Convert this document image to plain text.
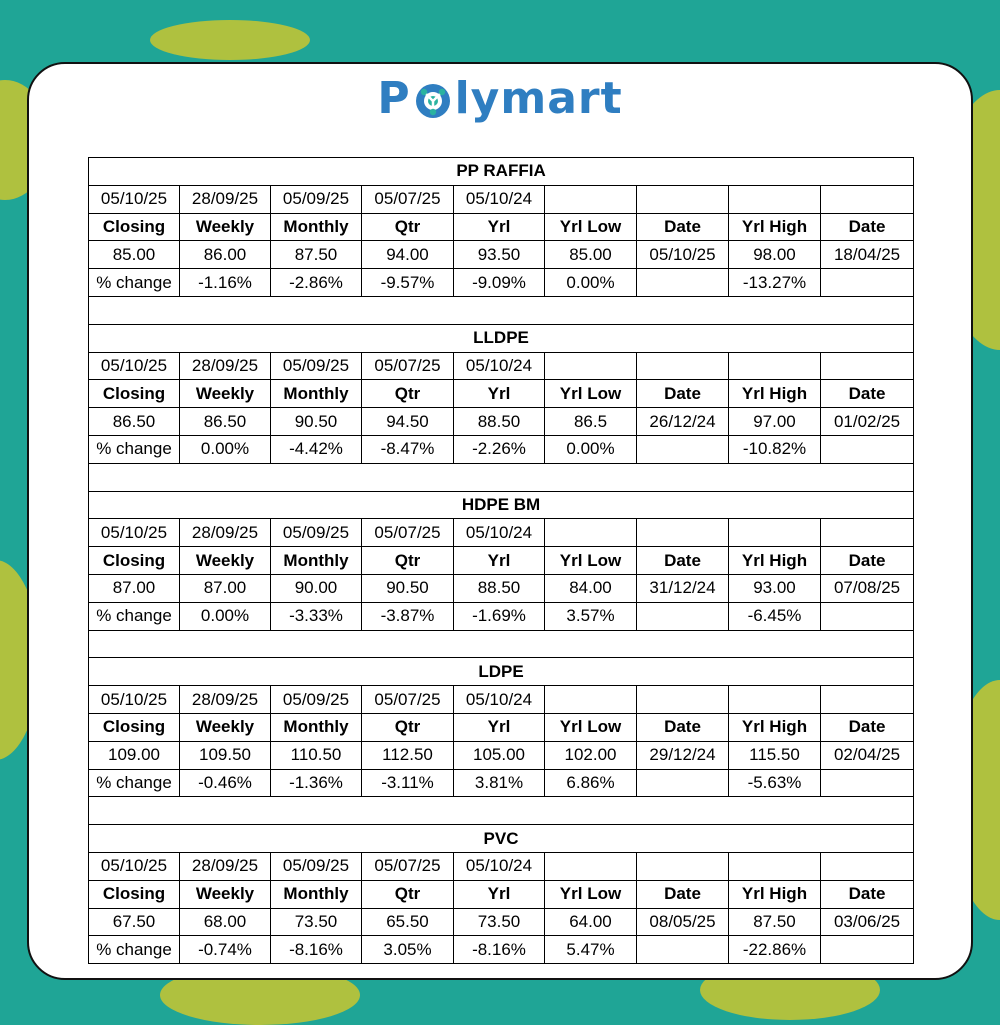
P lymart
PP RAFFIA								
05/10/25	28/09/25	05/09/25	05/07/25	05/10/24				
Closing	Weekly	Monthly	Qtr	Yrl	Yrl Low	Date	Yrl High	Date
85.00	86.00	87.50	94.00	93.50	85.00	05/10/25	98.00	18/04/25
% change	-1.16%	-2.86%	-9.57%	-9.09%	0.00%		-13.27%	

LLDPE								
05/10/25	28/09/25	05/09/25	05/07/25	05/10/24				
Closing	Weekly	Monthly	Qtr	Yrl	Yrl Low	Date	Yrl High	Date
86.50	86.50	90.50	94.50	88.50	86.5	26/12/24	97.00	01/02/25
% change	0.00%	-4.42%	-8.47%	-2.26%	0.00%		-10.82%	

HDPE BM								
05/10/25	28/09/25	05/09/25	05/07/25	05/10/24				
Closing	Weekly	Monthly	Qtr	Yrl	Yrl Low	Date	Yrl High	Date
87.00	87.00	90.00	90.50	88.50	84.00	31/12/24	93.00	07/08/25
% change	0.00%	-3.33%	-3.87%	-1.69%	3.57%		-6.45%	

LDPE								
05/10/25	28/09/25	05/09/25	05/07/25	05/10/24				
Closing	Weekly	Monthly	Qtr	Yrl	Yrl Low	Date	Yrl High	Date
109.00	109.50	110.50	112.50	105.00	102.00	29/12/24	115.50	02/04/25
% change	-0.46%	-1.36%	-3.11%	3.81%	6.86%		-5.63%	

PVC								
05/10/25	28/09/25	05/09/25	05/07/25	05/10/24				
Closing	Weekly	Monthly	Qtr	Yrl	Yrl Low	Date	Yrl High	Date
67.50	68.00	73.50	65.50	73.50	64.00	08/05/25	87.50	03/06/25
% change	-0.74%	-8.16%	3.05%	-8.16%	5.47%		-22.86%	
